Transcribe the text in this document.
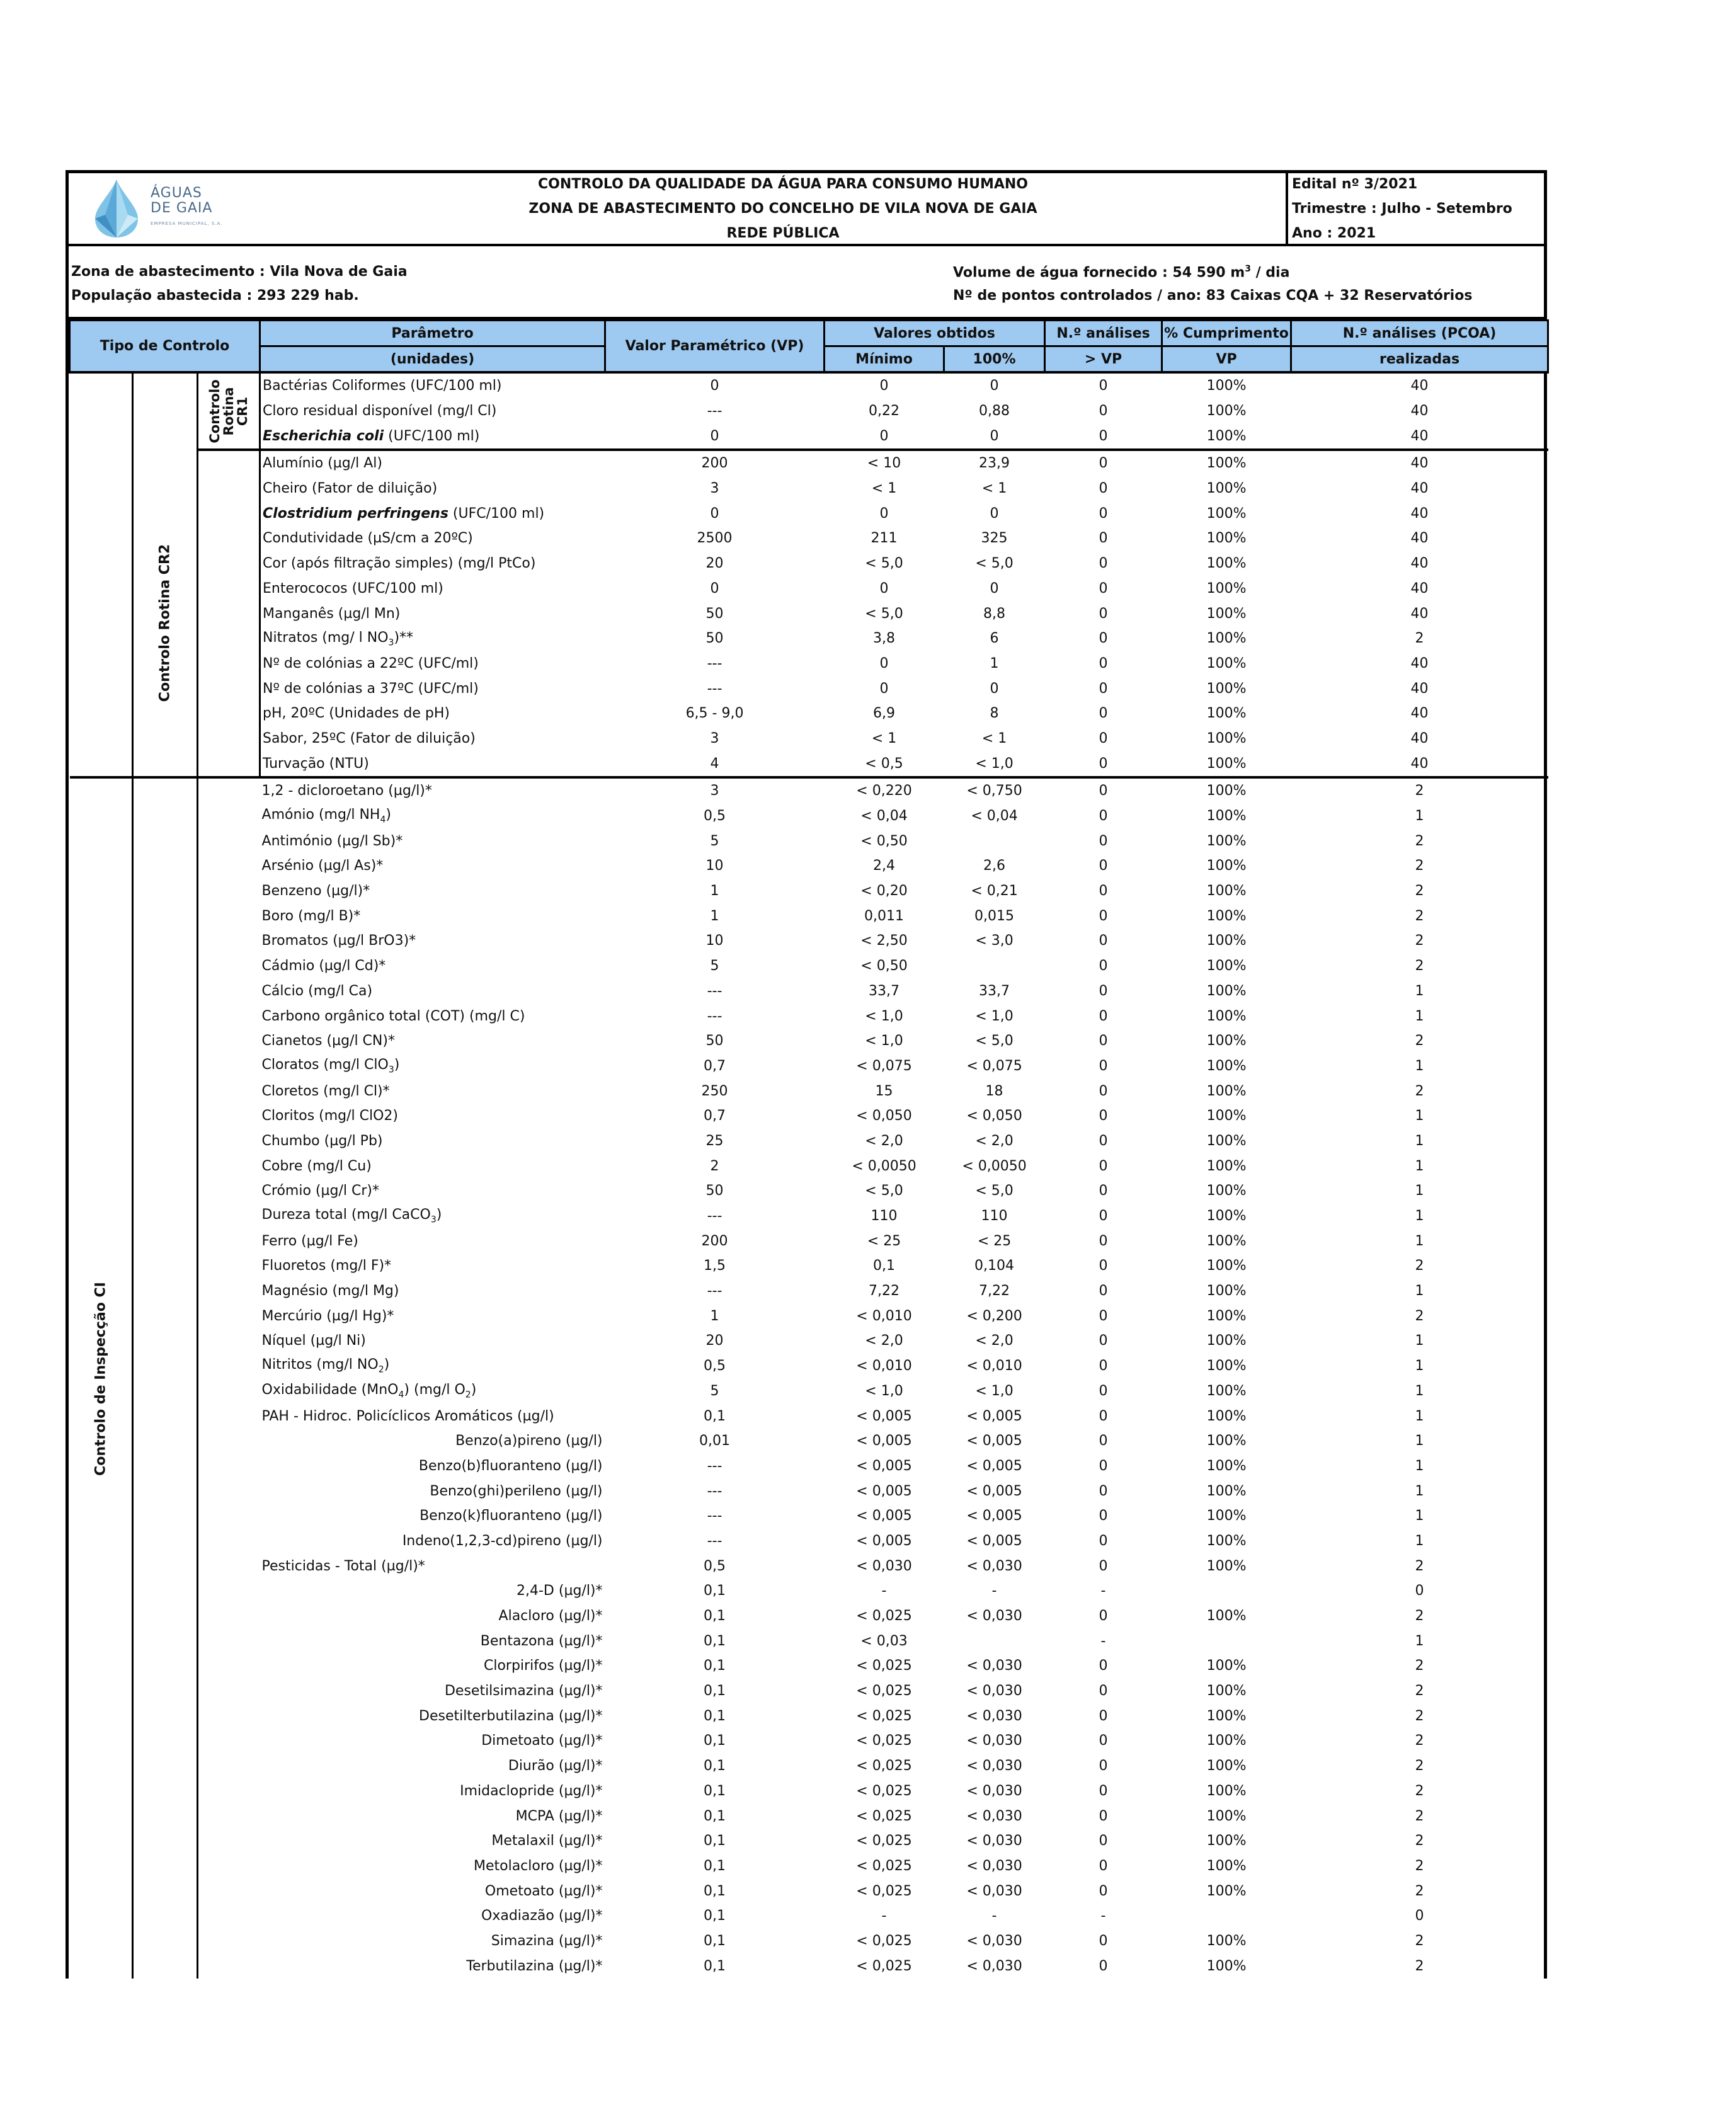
ÁGUAS
DE GAIA
EMPRESA MUNICIPAL, S.A.
CONTROLO DA QUALIDADE DA ÁGUA PARA CONSUMO HUMANO
ZONA DE ABASTECIMENTO DO CONCELHO DE VILA NOVA DE GAIA
REDE PÚBLICA
Edital nº 3/2021
Trimestre : Julho - Setembro
Ano : 2021
Zona de abastecimento : Vila Nova de Gaia
População abastecida : 293 229 hab.
Volume de água fornecido : 54 590 $m^3$ / dia
Nº de pontos controlados / ano: 83 Caixas CQA + 32 Reservatórios
Tipo de Controlo			Parâmetro	Valor Paramétrico (VP)	Valores obtidos		N.º análises	% Cumprimento	N.º análises (PCOA)
			(unidades)		Mínimo	100%	> VP	VP	realizadas

	Controlo Rotina CR2	Controlo Rotina CR1	Bactérias Coliformes (UFC/100 ml)	0	0	0	0	100%	40
			Cloro residual disponível (mg/l Cl)	---	0,22	0,88	0	100%	40
			Escherichia coli (UFC/100 ml)	0	0	0	0	100%	40
			Alumínio (µg/l Al)	200	< 10	23,9	0	100%	40
			Cheiro (Fator de diluição)	3	< 1	< 1	0	100%	40
			Clostridium perfringens (UFC/100 ml)	0	0	0	0	100%	40
			Condutividade (µS/cm a 20ºC)	2500	211	325	0	100%	40
			Cor (após filtração simples) (mg/l PtCo)	20	< 5,0	< 5,0	0	100%	40
			Enterococos (UFC/100 ml)	0	0	0	0	100%	40
			Manganês (µg/l Mn)	50	< 5,0	8,8	0	100%	40
			Nitratos (mg/ l $NO_3)**$	50	3,8	6	0	100%	2
			Nº de colónias a 22ºC (UFC/ml)	---	0	1	0	100%	40
			Nº de colónias a 37ºC (UFC/ml)	---	0	0	0	100%	40
			pH, 20ºC (Unidades de pH)	6,5 - 9,0	6,9	8	0	100%	40
			Sabor, 25ºC (Fator de diluição)	3	< 1	< 1	0	100%	40
			Turvação (NTU)	4	< 0,5	< 1,0	0	100%	40

Controlo de Inspecção CI			1,2 - dicloroetano (µg/l)*	3	< 0,220	< 0,750	0	100%	2
			Amónio (mg/l $NH_4$)	0,5	< 0,04	< 0,04	0	100%	1
			Antimónio (µg/l Sb)*	5	< 0,50		0	100%	2
			Arsénio (µg/l As)*	10	2,4	2,6	0	100%	2
			Benzeno (µg/l)*	1	< 0,20	< 0,21	0	100%	2
			Boro (mg/l B)*	1	0,011	0,015	0	100%	2
			Bromatos (µg/l BrO3)*	10	< 2,50	< 3,0	0	100%	2
			Cádmio (µg/l Cd)*	5	< 0,50		0	100%	2
			Cálcio (mg/l Ca)	---	33,7	33,7	0	100%	1
			Carbono orgânico total (COT) (mg/l C)	---	< 1,0	< 1,0	0	100%	1
			Cianetos (µg/l CN)*	50	< 1,0	< 5,0	0	100%	2
			Cloratos (mg/l ClO$_3$)	0,7	< 0,075	< 0,075	0	100%	1
			Cloretos (mg/l Cl)*	250	15	18	0	100%	2
			Cloritos (mg/l ClO2)	0,7	< 0,050	< 0,050	0	100%	1
			Chumbo (µg/l Pb)	25	< 2,0	< 2,0	0	100%	1
			Cobre (mg/l Cu)	2	< 0,0050	< 0,0050	0	100%	1
			Crómio (µg/l Cr)*	50	< 5,0	< 5,0	0	100%	1
			Dureza total (mg/l CaCO$_3$)	---	110	110	0	100%	1
			Ferro (µg/l Fe)	200	< 25	< 25	0	100%	1
			Fluoretos (mg/l F)*	1,5	0,1	0,104	0	100%	2
			Magnésio (mg/l Mg)	---	7,22	7,22	0	100%	1
			Mercúrio (µg/l Hg)*	1	< 0,010	< 0,200	0	100%	2
			Níquel (µg/l Ni)	20	< 2,0	< 2,0	0	100%	1
			Nitritos (mg/l $NO_2$)	0,5	< 0,010	< 0,010	0	100%	1
			Oxidabilidade (MnO$_4$) (mg/l $O_2$)	5	< 1,0	< 1,0	0	100%	1
			PAH - Hidroc. Policíclicos Aromáticos (µg/l)	0,1	< 0,005	< 0,005	0	100%	1
			Benzo(a)pireno (µg/l)	0,01	< 0,005	< 0,005	0	100%	1
			Benzo(b)fluoranteno (µg/l)	---	< 0,005	< 0,005	0	100%	1
			Benzo(ghi)perileno (µg/l)	---	< 0,005	< 0,005	0	100%	1
			Benzo(k)fluoranteno (µg/l)	---	< 0,005	< 0,005	0	100%	1
			Indeno(1,2,3-cd)pireno (µg/l)	---	< 0,005	< 0,005	0	100%	1
			Pesticidas - Total (µg/l)*	0,5	< 0,030	< 0,030	0	100%	2
			2,4-D (µg/l)*	0,1	-	-	-		0
			Alacloro (µg/l)*	0,1	< 0,025	< 0,030	0	100%	2
			Bentazona (µg/l)*	0,1	< 0,03		-		1
			Clorpirifos (µg/l)*	0,1	< 0,025	< 0,030	0	100%	2
			Desetilsimazina (µg/l)*	0,1	< 0,025	< 0,030	0	100%	2
			Desetilterbutilazina (µg/l)*	0,1	< 0,025	< 0,030	0	100%	2
			Dimetoato (µg/l)*	0,1	< 0,025	< 0,030	0	100%	2
			Diurão (µg/l)*	0,1	< 0,025	< 0,030	0	100%	2
			Imidaclopride (µg/l)*	0,1	< 0,025	< 0,030	0	100%	2
			MCPA (µg/l)*	0,1	< 0,025	< 0,030	0	100%	2
			Metalaxil (µg/l)*	0,1	< 0,025	< 0,030	0	100%	2
			Metolacloro (µg/l)*	0,1	< 0,025	< 0,030	0	100%	2
			Ometoato (µg/l)*	0,1	< 0,025	< 0,030	0	100%	2
			Oxadiazão (µg/l)*	0,1	-	-	-		0
			Simazina (µg/l)*	0,1	< 0,025	< 0,030	0	100%	2
			Terbutilazina (µg/l)*	0,1	< 0,025	< 0,030	0	100%	2
